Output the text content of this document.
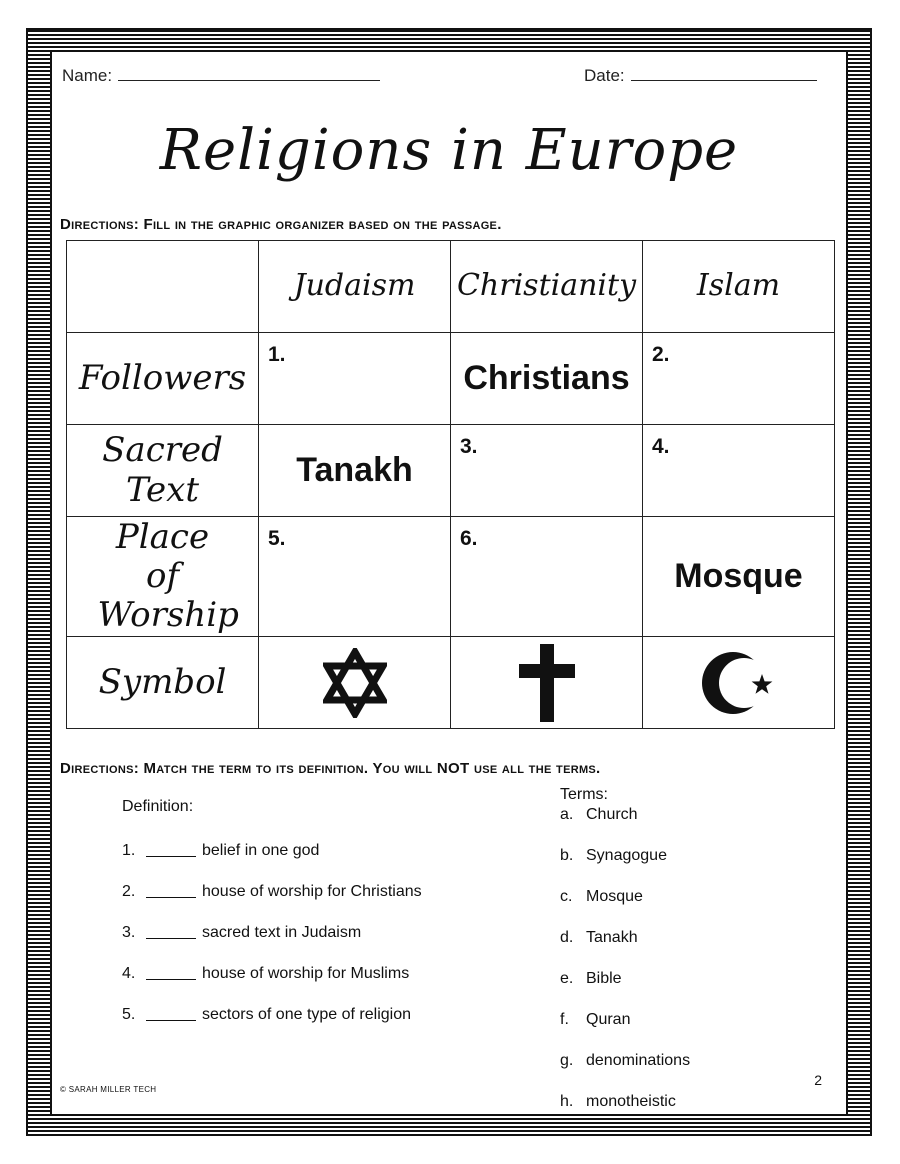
Name:	Date:
Religions in Europe
Directions: Fill in the graphic organizer based on the passage.
	Judaism	Christianity	Islam
Followers	1.	Christians	2.

Sacred Text	Tanakh	3.	4.

Place of Worship	5.	6.	Mosque
Symbol	

Directions: Match the term to its definition. You will NOT use all the terms.
Definition:
1.	belief in one god
2.	house of worship for Christians
3.	sacred text in Judaism
4.	house of worship for Muslims
5.	sectors of one type of religion
Terms:
a. Church
b. Synagogue
c. Mosque
d. Tanakh
e. Bible
f.	Quran
g. denominations
h. monotheistic
© SARAH MILLER TECH
2
